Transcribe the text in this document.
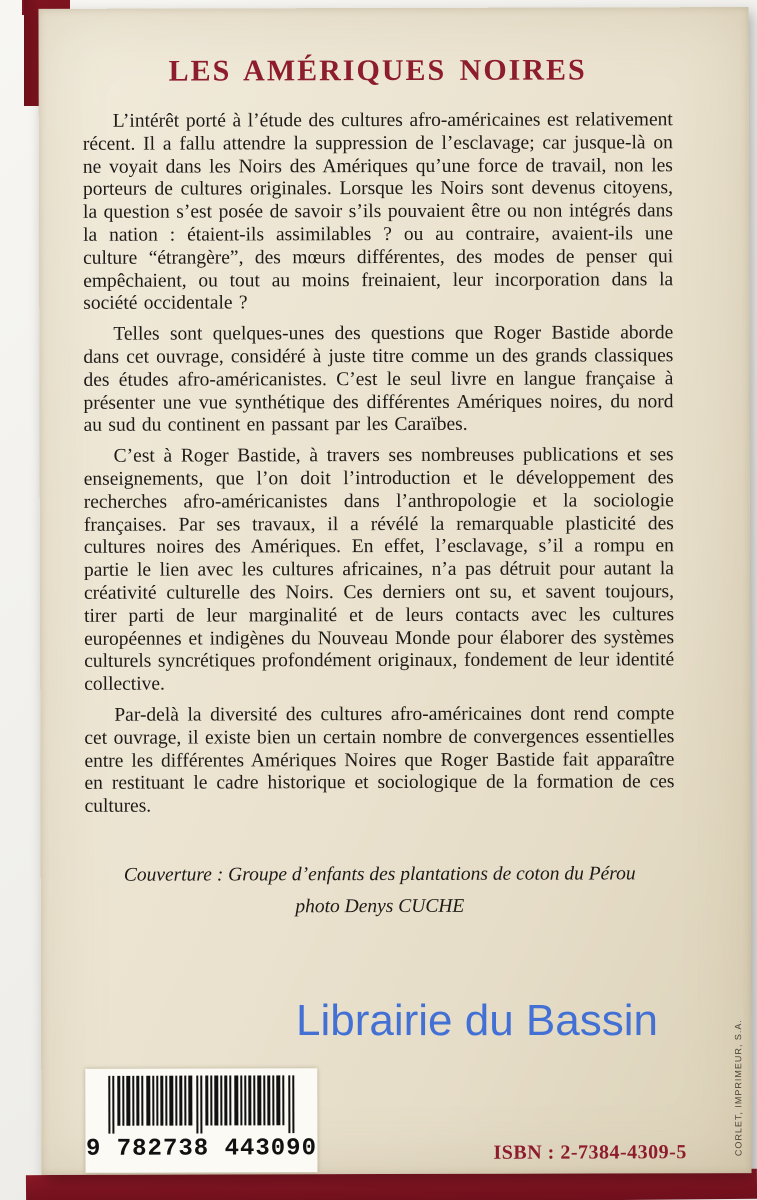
LES AMÉRIQUES NOIRES

L’intérêt porté à l’étude des cultures afro-américaines est relativement récent. Il a fallu attendre la suppression de l’esclavage; car jusque-là on ne voyait dans les Noirs des Amériques qu’une force de travail, non les porteurs de cultures originales. Lorsque les Noirs sont devenus citoyens, la question s’est posée de savoir s’ils pouvaient être ou non intégrés dans la nation : étaient-ils assimilables ? ou au contraire, avaient-ils une culture “étrangère”, des mœurs différentes, des modes de penser qui empêchaient, ou tout au moins freinaient, leur incorporation dans la société occidentale ?

Telles sont quelques-unes des questions que Roger Bastide aborde dans cet ouvrage, considéré à juste titre comme un des grands classiques des études afro-américanistes. C’est le seul livre en langue française à présenter une vue synthétique des différentes Amériques noires, du nord au sud du continent en passant par les Caraïbes.

C’est à Roger Bastide, à travers ses nombreuses publications et ses enseignements, que l’on doit l’introduction et le développement des recherches afro-américanistes dans l’anthropologie et la sociologie françaises. Par ses travaux, il a révélé la remarquable plasticité des cultures noires des Amériques. En effet, l’esclavage, s’il a rompu en partie le lien avec les cultures africaines, n’a pas détruit pour autant la créativité culturelle des Noirs. Ces derniers ont su, et savent toujours, tirer parti de leur marginalité et de leurs contacts avec les cultures européennes et indigènes du Nouveau Monde pour élaborer des systèmes culturels syncrétiques profondément originaux, fondement de leur identité collective.

Par-delà la diversité des cultures afro-américaines dont rend compte cet ouvrage, il existe bien un certain nombre de convergences essentielles entre les différentes Amériques Noires que Roger Bastide fait apparaître en restituant le cadre historique et sociologique de la formation de ces cultures.

Couverture : Groupe d’enfants des plantations de coton du Pérou
photo Denys CUCHE
9 782738 443090	ISBN : 2-7384-4309-5	CORLET, IMPRIMEUR, S.A.
Librairie du Bassin
